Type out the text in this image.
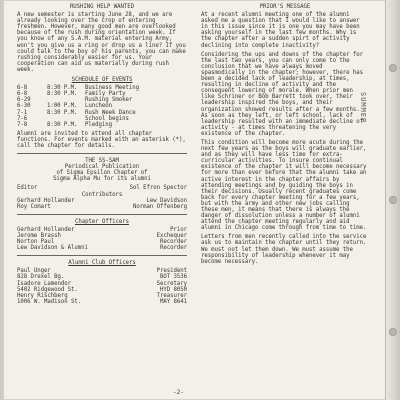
RUSHING HELP WANTED
A new semester is starting June 28, and we are already looking over the crop of entering freshmen. However, many good men are overlooked because of the rush during orientation week. If you know of any S.A.M. material entering Army, won't you give us a ring or drop us a line? If you could talk to the boy or his parents, you can make rushing considerably easier for us. Your cooperation can aid us materially during rush week.
SCHEDULE OF EVENTS
6-8	8:30 P.M.	Business Meeting
6-8	8:30 P.M.	Family Party
6-29	Rushing Smoker
6-30	1:00 P.M.	Luncheon
7-1	8:30 P.M.	Rush Week Dance
7-6	School begins
7-8	8:30 P.M.	Pledging
Alumni are invited to attend all chapter functions. For events marked with an asterisk (*), call the chapter for details.
THE SS-SAM
Periodical Publication
of Sigma Epsilon Chapter of
Sigma Alpha Mu for its alumni
Editor	Sol Efron Spector
Contributors
Gerhard Hollander	Lew Davidson
Roy Comart	Norman Offenberg
Chapter Officers
Gerhard Hollander	Prior
Jerome Brassh	Exchequer
Norton Paul	Recorder
Lew Davidson & Alumni	Recorder
Alumni Club Officers
Paul Unger	President
828 Drexel Bg.	BOT 3536
Isadore Lamendor	Secretary
5402 Ridgewood St.	HYD 8050
Henry Rischberg	Treasurer
1006 W. Madison St.	MAY 8641
PRIOR'S MESSAGE
At a recent alumni meeting one of the alumni asked me a question that I would like to answer in this issue since it is one you may have been asking yourself in the last few months. Why is the chapter after a sudden spirt of activity declining into complete inactivity?
Considering the ups and downs of the chapter for the last two years, you can only come to the conclusion that we have always moved spasmodically in the chapter; however, there has been a decided lack of leadership, at times, resulting in decline of activity and the consequent lowering of morale. When prior men like Schriner or Bob Barrett took over, their leadership inspired the boys, and their organization showed results after a few months. As soon as they left, or left school, lack of leadership resulted with an immediate decline of activity - at times threatening the very existence of the chapter.
This condition will become more acute during the next few years as the boys will graduate earlier, and as they will have less time for extra-curricular activities. To insure continual existence of the chapter it will become necessary for more than ever before that the alumni take an active interest in the chapter affairs by attending meetings and by guiding the boys in their decisions. Usually recent graduates come back for every chapter meeting for a few years, but with the army and other new jobs calling these men, it means that there is always the danger of dissolution unless a number of alumni attend the chapter meeting regularly and aid alumni in Chicago come through from time to time.
Letters from men recently called into the service ask us to maintain the chapter until they return. We must not let them down. We must assume the responsibility of leadership whenever it may become necessary.
SUMMER
-2-
